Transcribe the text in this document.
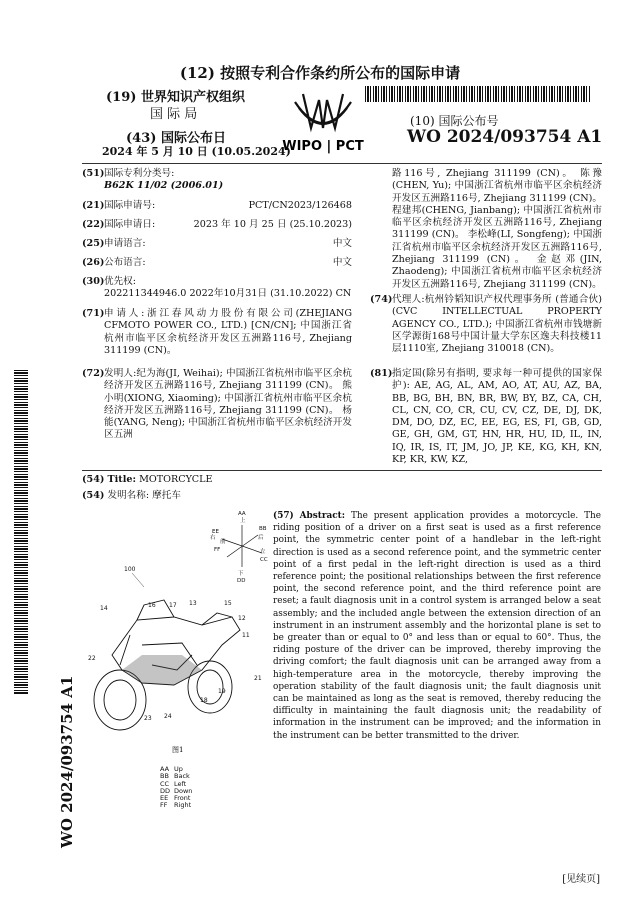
(12) 按照专利合作条约所公布的国际申请
(19) 世界知识产权组织
国 际 局
(43) 国际公布日
2024 年 5 月 10 日 (10.05.2024)
WIPO | PCT
(10) 国际公布号
WO 2024/093754 A1
(51) 国际专利分类号:
B62K 11/02 (2006.01)
(21) 国际申请号:	PCT/CN2023/126468
(22) 国际申请日:	2023 年 10 月 25 日 (25.10.2023)
(25) 申请语言:	中文
(26) 公布语言:	中文
(30) 优先权:
202211344946.0 2022年10月31日 (31.10.2022) CN
(71) 申请人:浙江春风动力股份有限公司(ZHEJIANG CFMOTO POWER CO., LTD.) [CN/CN]; 中国浙江省杭州市临平区余杭经济开发区五洲路116号, Zhejiang 311199 (CN)。
(72) 发明人:纪为海(JI, Weihai); 中国浙江省杭州市临平区余杭经济开发区五洲路116号, Zhejiang 311199 (CN)。 熊小明(XIONG, Xiaoming); 中国浙江省杭州市临平区余杭经济开发区五洲路116号, Zhejiang 311199 (CN)。 杨能(YANG, Neng); 中国浙江省杭州市临平区余杭经济开发区五洲
路116号, Zhejiang 311199 (CN)。 陈豫(CHEN, Yu); 中国浙江省杭州市临平区余杭经济开发区五洲路116号, Zhejiang 311199 (CN)。 程建邦(CHENG, Jianbang); 中国浙江省杭州市临平区余杭经济开发区五洲路116号, Zhejiang 311199 (CN)。 李松峰(LI, Songfeng); 中国浙江省杭州市临平区余杭经济开发区五洲路116号, Zhejiang 311199 (CN)。 金赵邓(JIN, Zhaodeng); 中国浙江省杭州市临平区余杭经济开发区五洲路116号, Zhejiang 311199 (CN)。
(74) 代理人:杭州钤韬知识产权代理事务所 (普通合伙) (CVC INTELLECTUAL PROPERTY AGENCY CO., LTD.); 中国浙江省杭州市钱塘新区学源街168号中国计量大学东区逸夫科技楼11层1110室, Zhejiang 310018 (CN)。
(81) 指定国(除另有指明, 要求每一种可提供的国家保护): AE, AG, AL, AM, AO, AT, AU, AZ, BA, BB, BG, BH, BN, BR, BW, BY, BZ, CA, CH, CL, CN, CO, CR, CU, CV, CZ, DE, DJ, DK, DM, DO, DZ, EC, EE, EG, ES, FI, GB, GD, GE, GH, GM, GT, HN, HR, HU, ID, IL, IN, IQ, IR, IS, IT, JM, JO, JP, KE, KG, KH, KN, KP, KR, KW, KZ,
(54) Title: MOTORCYCLE
(54) 发明名称: 摩托车
AA
上
下
DD
右
前
后
左
BB
CC
EE
FF
100
14	16 17 13	15
12
22
11
21
23 24
18
19
图1
AA Up
BB Back
CC Left
DD Down
EE Front
FF Right
(57) Abstract: The present application provides a motorcycle. The riding position of a driver on a first seat is used as a first reference point, the symmetric center point of a handlebar in the left-right direction is used as a second reference point, and the symmetric center point of a first pedal in the left-right direction is used as a third reference point; the positional relationships between the first reference point, the second reference point, and the third reference point are reset; a fault diagnosis unit in a control system is arranged below a seat assembly; and the included angle between the extension direction of an instrument in an instrument assembly and the horizontal plane is set to be greater than or equal to 0° and less than or equal to 60°. Thus, the riding posture of the driver can be improved, thereby improving the driving comfort; the fault diagnosis unit can be arranged away from a high-temperature area in the motorcycle, thereby improving the operation stability of the fault diagnosis unit; the fault diagnosis unit can be maintained as long as the seat is removed, thereby reducing the difficulty in maintaining the fault diagnosis unit; the readability of information in the instrument can be improved; and the information in the instrument can be better transmitted to the driver.
WO 2024/093754 A1
[见续页]
